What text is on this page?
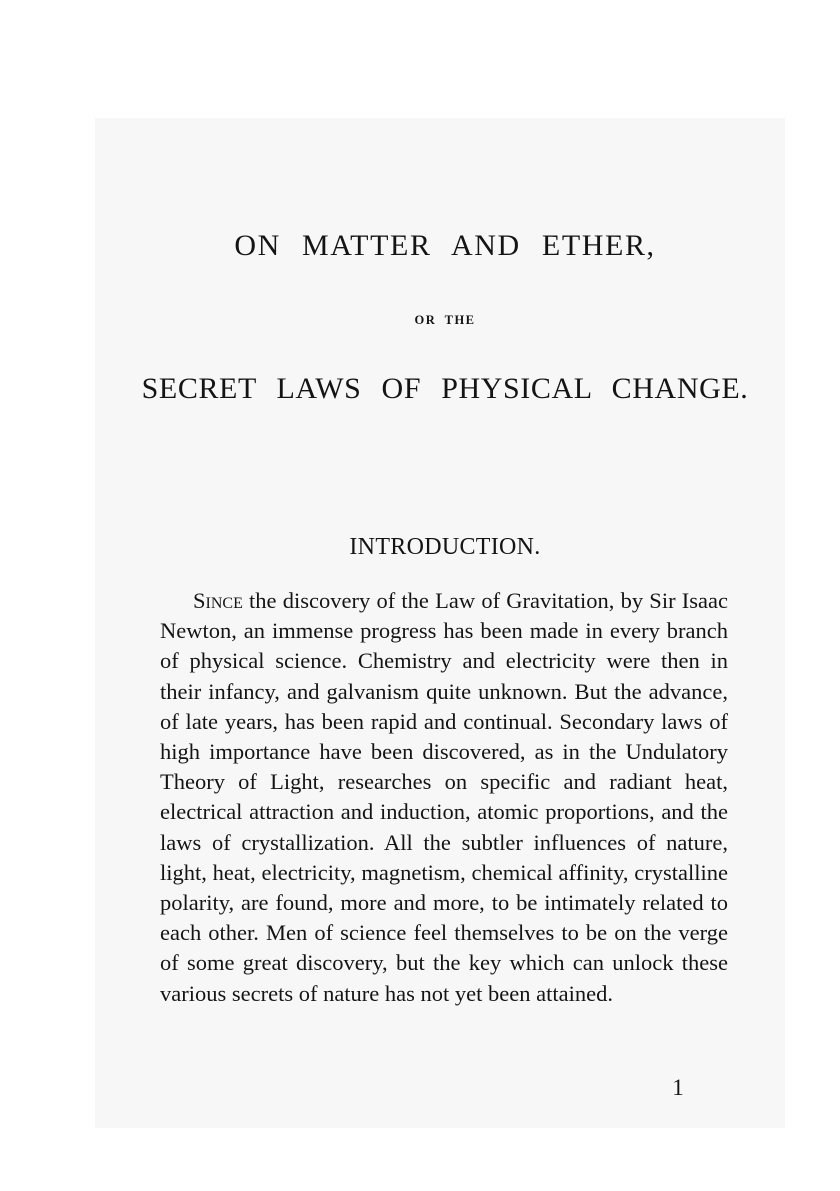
ON MATTER AND ETHER,
OR THE
SECRET LAWS OF PHYSICAL CHANGE.
INTRODUCTION.

Since the discovery of the Law of Gravitation, by Sir Isaac Newton, an immense progress has been made in every branch of physical science. Chemistry and electricity were then in their infancy, and galvanism quite unknown. But the advance, of late years, has been rapid and continual. Secondary laws of high importance have been discovered, as in the Undulatory Theory of Light, researches on specific and radiant heat, electrical attraction and induction, atomic proportions, and the laws of crystallization. All the subtler influences of nature, light, heat, electricity, magnetism, chemical affinity, crystalline polarity, are found, more and more, to be intimately related to each other. Men of science feel themselves to be on the verge of some great discovery, but the key which can unlock these various secrets of nature has not yet been attained.

1
